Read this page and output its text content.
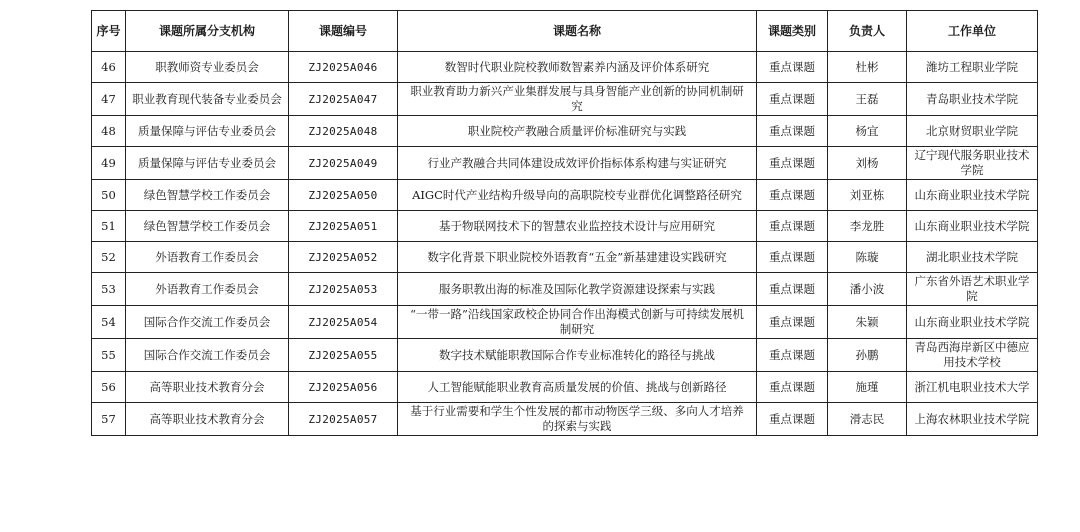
序号	课题所属分支机构	课题编号	课题名称	课题类别	负责人	工作单位
46	职教师资专业委员会	ZJ2025A046	数智时代职业院校教师数智素养内涵及评价体系研究	重点课题	杜彬	潍坊工程职业学院
47	职业教育现代装备专业委员会	ZJ2025A047	职业教育助力新兴产业集群发展与具身智能产业创新的协同机制研究	重点课题	王磊	青岛职业技术学院
48	质量保障与评估专业委员会	ZJ2025A048	职业院校产教融合质量评价标准研究与实践	重点课题	杨宜	北京财贸职业学院
49	质量保障与评估专业委员会	ZJ2025A049	行业产教融合共同体建设成效评价指标体系构建与实证研究	重点课题	刘杨	辽宁现代服务职业技术学院
50	绿色智慧学校工作委员会	ZJ2025A050	AIGC时代产业结构升级导向的高职院校专业群优化调整路径研究	重点课题	刘亚栋	山东商业职业技术学院
51	绿色智慧学校工作委员会	ZJ2025A051	基于物联网技术下的智慧农业监控技术设计与应用研究	重点课题	李龙胜	山东商业职业技术学院
52	外语教育工作委员会	ZJ2025A052	数字化背景下职业院校外语教育“五金”新基建建设实践研究	重点课题	陈璇	湖北职业技术学院
53	外语教育工作委员会	ZJ2025A053	服务职教出海的标准及国际化教学资源建设探索与实践	重点课题	潘小波	广东省外语艺术职业学院
54	国际合作交流工作委员会	ZJ2025A054	“一带一路”沿线国家政校企协同合作出海模式创新与可持续发展机制研究	重点课题	朱颖	山东商业职业技术学院
55	国际合作交流工作委员会	ZJ2025A055	数字技术赋能职教国际合作专业标准转化的路径与挑战	重点课题	孙鹏	青岛西海岸新区中德应用技术学校
56	高等职业技术教育分会	ZJ2025A056	人工智能赋能职业教育高质量发展的价值、挑战与创新路径	重点课题	施瑾	浙江机电职业技术大学
57	高等职业技术教育分会	ZJ2025A057	基于行业需要和学生个性发展的都市动物医学三级、多向人才培养的探索与实践	重点课题	滑志民	上海农林职业技术学院
